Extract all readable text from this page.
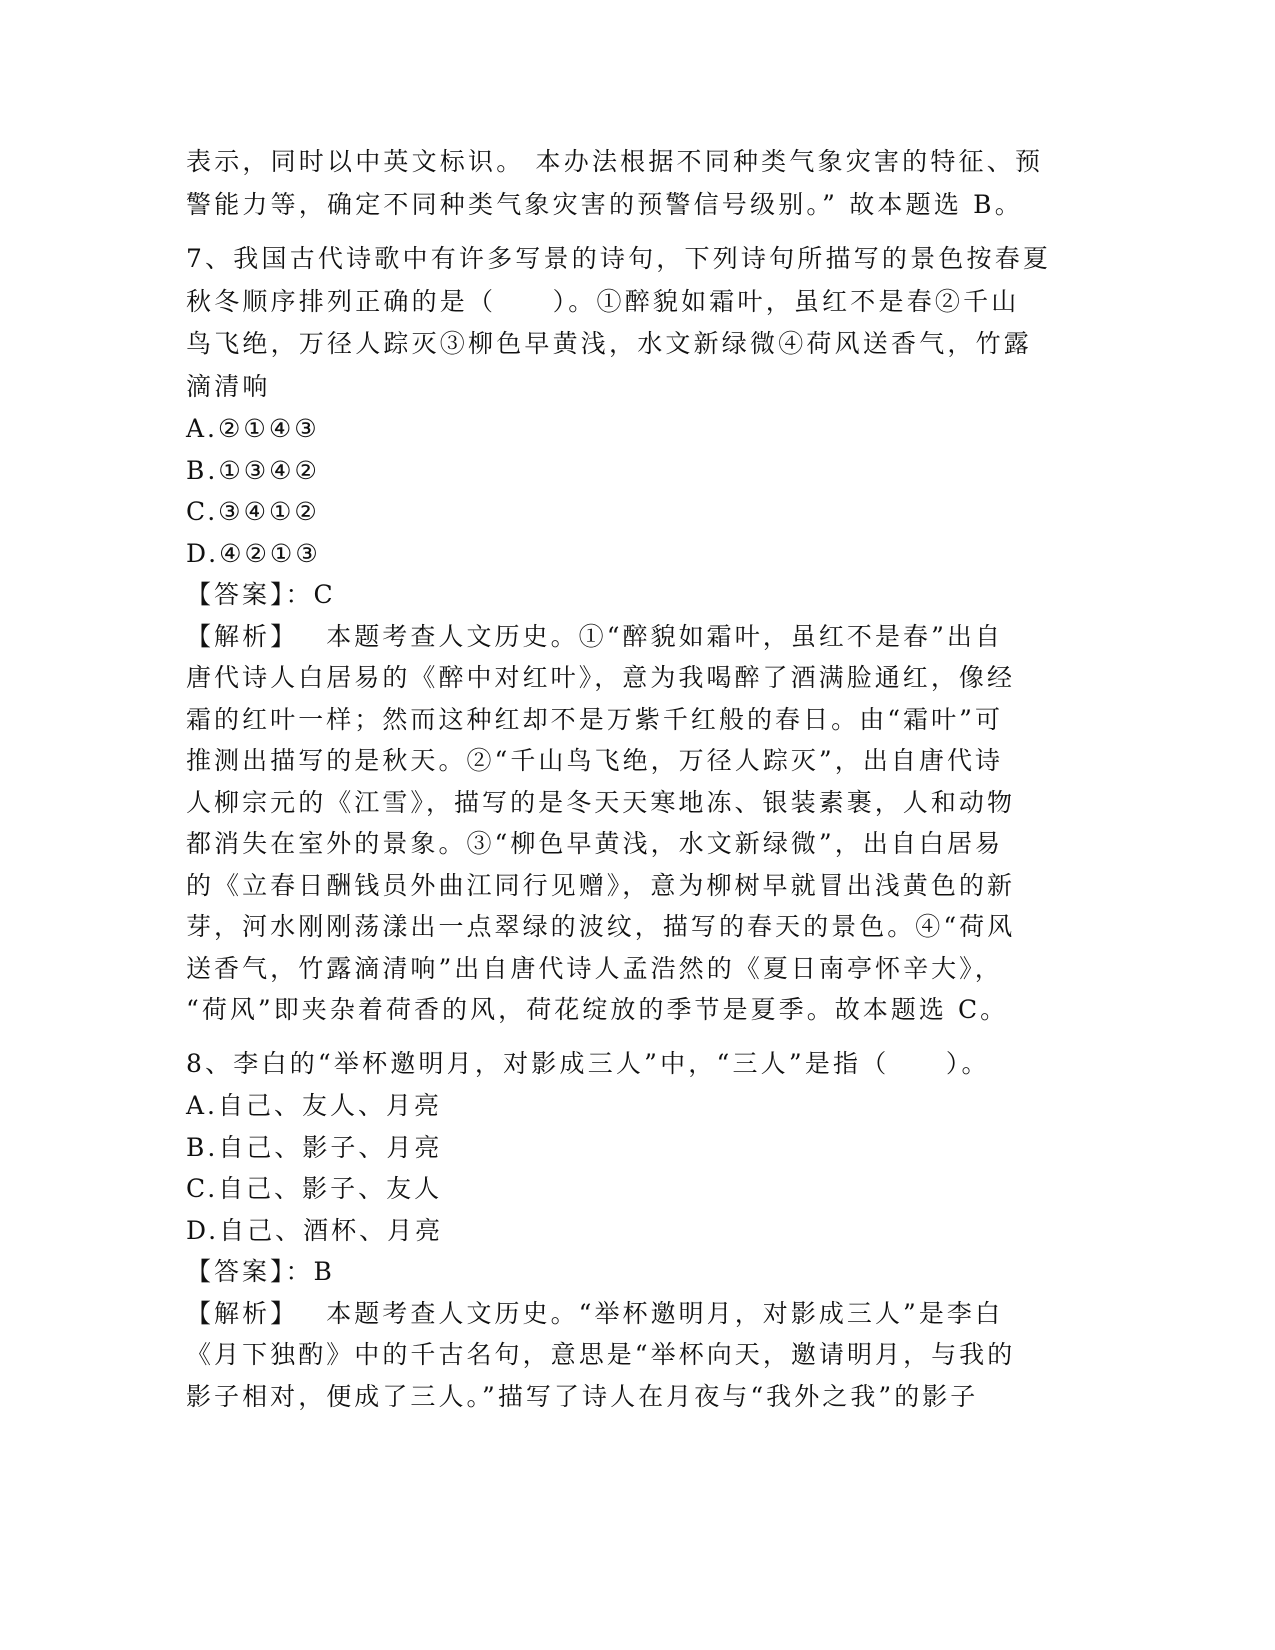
表示，同时以中英文标识。 本办法根据不同种类气象灾害的特征、预

警能力等，确定不同种类气象灾害的预警信号级别。” 故本题选 B。

7、我国古代诗歌中有许多写景的诗句，下列诗句所描写的景色按春夏

秋冬顺序排列正确的是（　　）。①醉貌如霜叶，虽红不是春②千山

鸟飞绝，万径人踪灭③柳色早黄浅，水文新绿微④荷风送香气，竹露

滴清响

A.②①④③

B.①③④②

C.③④①②

D.④②①③

【答案】：C

【解析】 本题考查人文历史。①“醉貌如霜叶，虽红不是春”出自

唐代诗人白居易的《醉中对红叶》，意为我喝醉了酒满脸通红，像经

霜的红叶一样；然而这种红却不是万紫千红般的春日。由“霜叶”可

推测出描写的是秋天。②“千山鸟飞绝，万径人踪灭”，出自唐代诗

人柳宗元的《江雪》，描写的是冬天天寒地冻、银装素裹，人和动物

都消失在室外的景象。③“柳色早黄浅，水文新绿微”，出自白居易

的《立春日酬钱员外曲江同行见赠》，意为柳树早就冒出浅黄色的新

芽，河水刚刚荡漾出一点翠绿的波纹，描写的春天的景色。④“荷风

送香气，竹露滴清响”出自唐代诗人孟浩然的《夏日南亭怀辛大》，

“荷风”即夹杂着荷香的风，荷花绽放的季节是夏季。故本题选 C。

8、李白的“举杯邀明月，对影成三人”中，“三人”是指（　　）。

A.自己、友人、月亮

B.自己、影子、月亮

C.自己、影子、友人

D.自己、酒杯、月亮

【答案】：B

【解析】 本题考查人文历史。“举杯邀明月，对影成三人”是李白

《月下独酌》中的千古名句，意思是“举杯向天，邀请明月，与我的

影子相对，便成了三人。”描写了诗人在月夜与“我外之我”的影子
